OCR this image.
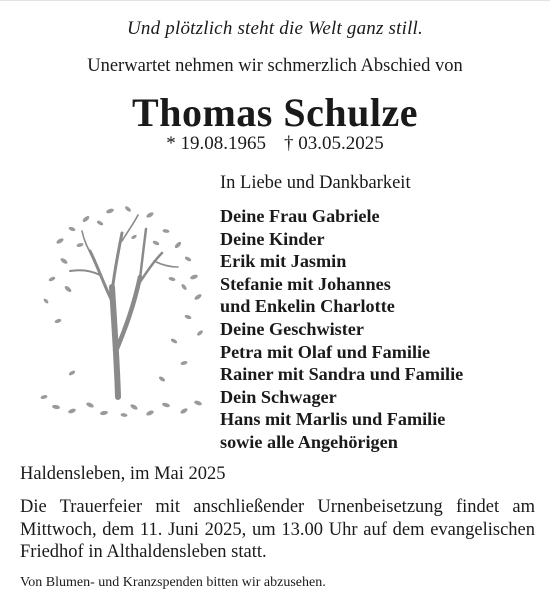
Und plötzlich steht die Welt ganz still.
Unerwartet nehmen wir schmerzlich Abschied von
Thomas Schulze
* 19.08.1965 † 03.05.2025
In Liebe und Dankbarkeit
Deine Frau Gabriele
Deine Kinder
Erik mit Jasmin
Stefanie mit Johannes
und Enkelin Charlotte
Deine Geschwister
Petra mit Olaf und Familie
Rainer mit Sandra und Familie
Dein Schwager
Hans mit Marlis und Familie
sowie alle Angehörigen
Haldensleben, im Mai 2025

Die Trauerfeier mit anschließender Urnenbeisetzung findet am Mittwoch, dem 11. Juni 2025, um 13.00 Uhr auf dem evangelischen Friedhof in Althaldensleben statt.

Von Blumen- und Kranzspenden bitten wir abzusehen.
